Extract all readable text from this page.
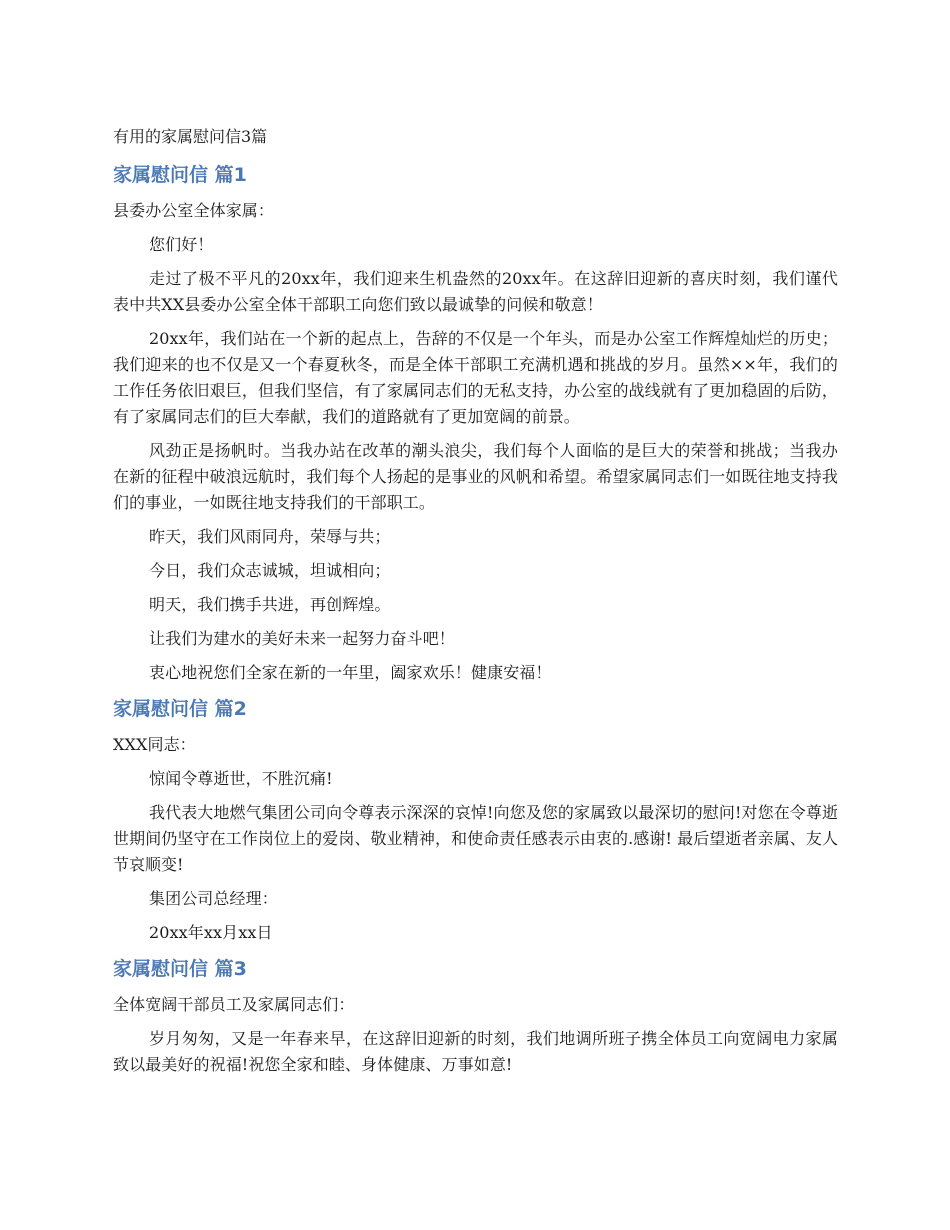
有用的家属慰问信3篇
家属慰问信 篇1

县委办公室全体家属：

您们好！

走过了极不平凡的20xx年，我们迎来生机盎然的20xx年。在这辞旧迎新的喜庆时刻，我们谨代表中共XX县委办公室全体干部职工向您们致以最诚挚的问候和敬意！

20xx年，我们站在一个新的起点上，告辞的不仅是一个年头，而是办公室工作辉煌灿烂的历史；我们迎来的也不仅是又一个春夏秋冬，而是全体干部职工充满机遇和挑战的岁月。虽然××年，我们的工作任务依旧艰巨，但我们坚信，有了家属同志们的无私支持，办公室的战线就有了更加稳固的后防，有了家属同志们的巨大奉献，我们的道路就有了更加宽阔的前景。

风劲正是扬帆时。当我办站在改革的潮头浪尖，我们每个人面临的是巨大的荣誉和挑战；当我办在新的征程中破浪远航时，我们每个人扬起的是事业的风帆和希望。希望家属同志们一如既往地支持我们的事业，一如既往地支持我们的干部职工。

昨天，我们风雨同舟，荣辱与共；

今日，我们众志诚城，坦诚相向；

明天，我们携手共进，再创辉煌。

让我们为建水的美好未来一起努力奋斗吧！

衷心地祝您们全家在新的一年里，阖家欢乐！健康安福！

家属慰问信 篇2

XXX同志：

惊闻令尊逝世，不胜沉痛!

我代表大地燃气集团公司向令尊表示深深的哀悼!向您及您的家属致以最深切的慰问!对您在令尊逝世期间仍坚守在工作岗位上的爱岗、敬业精神，和使命责任感表示由衷的.感谢! 最后望逝者亲属、友人节哀顺变!

集团公司总经理：

20xx年xx月xx日

家属慰问信 篇3

全体宽阔干部员工及家属同志们：

岁月匆匆，又是一年春来早，在这辞旧迎新的时刻，我们地调所班子携全体员工向宽阔电力家属致以最美好的祝福!祝您全家和睦、身体健康、万事如意!
